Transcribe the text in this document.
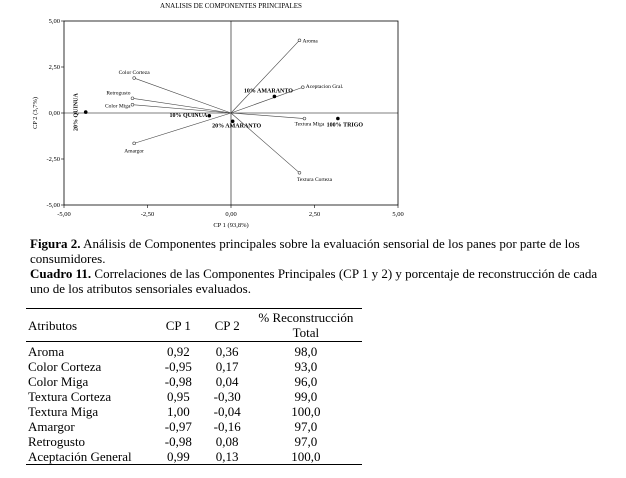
ANALISIS DE COMPONENTES PRINCIPALES
-5,00	-2,50	0,00	2,50	5,00
5,00
2,50
0,00
-2,50
-5,00
Aroma
Aceptacion Gral.
Color Corteza
Retrogusto
Color Miga
Textura Miga
Amargor
Textura Corteza
10% AMARANTO
100% TRIGO
20% QUINUA	10% QUINUA
20% AMARANTO
CP 1 (93,8%)
CP 2 (3,7%)
Figura 2. Análisis de Componentes principales sobre la evaluación sensorial de los panes por parte de los consumidores.
Cuadro 11. Correlaciones de las Componentes Principales (CP 1 y 2) y porcentaje de reconstrucción de cada uno de los atributos sensoriales evaluados.
Atributos	CP 1	CP 2	% Reconstrucción
Total
Aroma	0,92	0,36	98,0
Color Corteza	-0,95	0,17	93,0
Color Miga	-0,98	0,04	96,0
Textura Corteza	0,95	-0,30	99,0
Textura Miga	1,00	-0,04	100,0
Amargor	-0,97	-0,16	97,0
Retrogusto	-0,98	0,08	97,0
Aceptación General	0,99	0,13	100,0
